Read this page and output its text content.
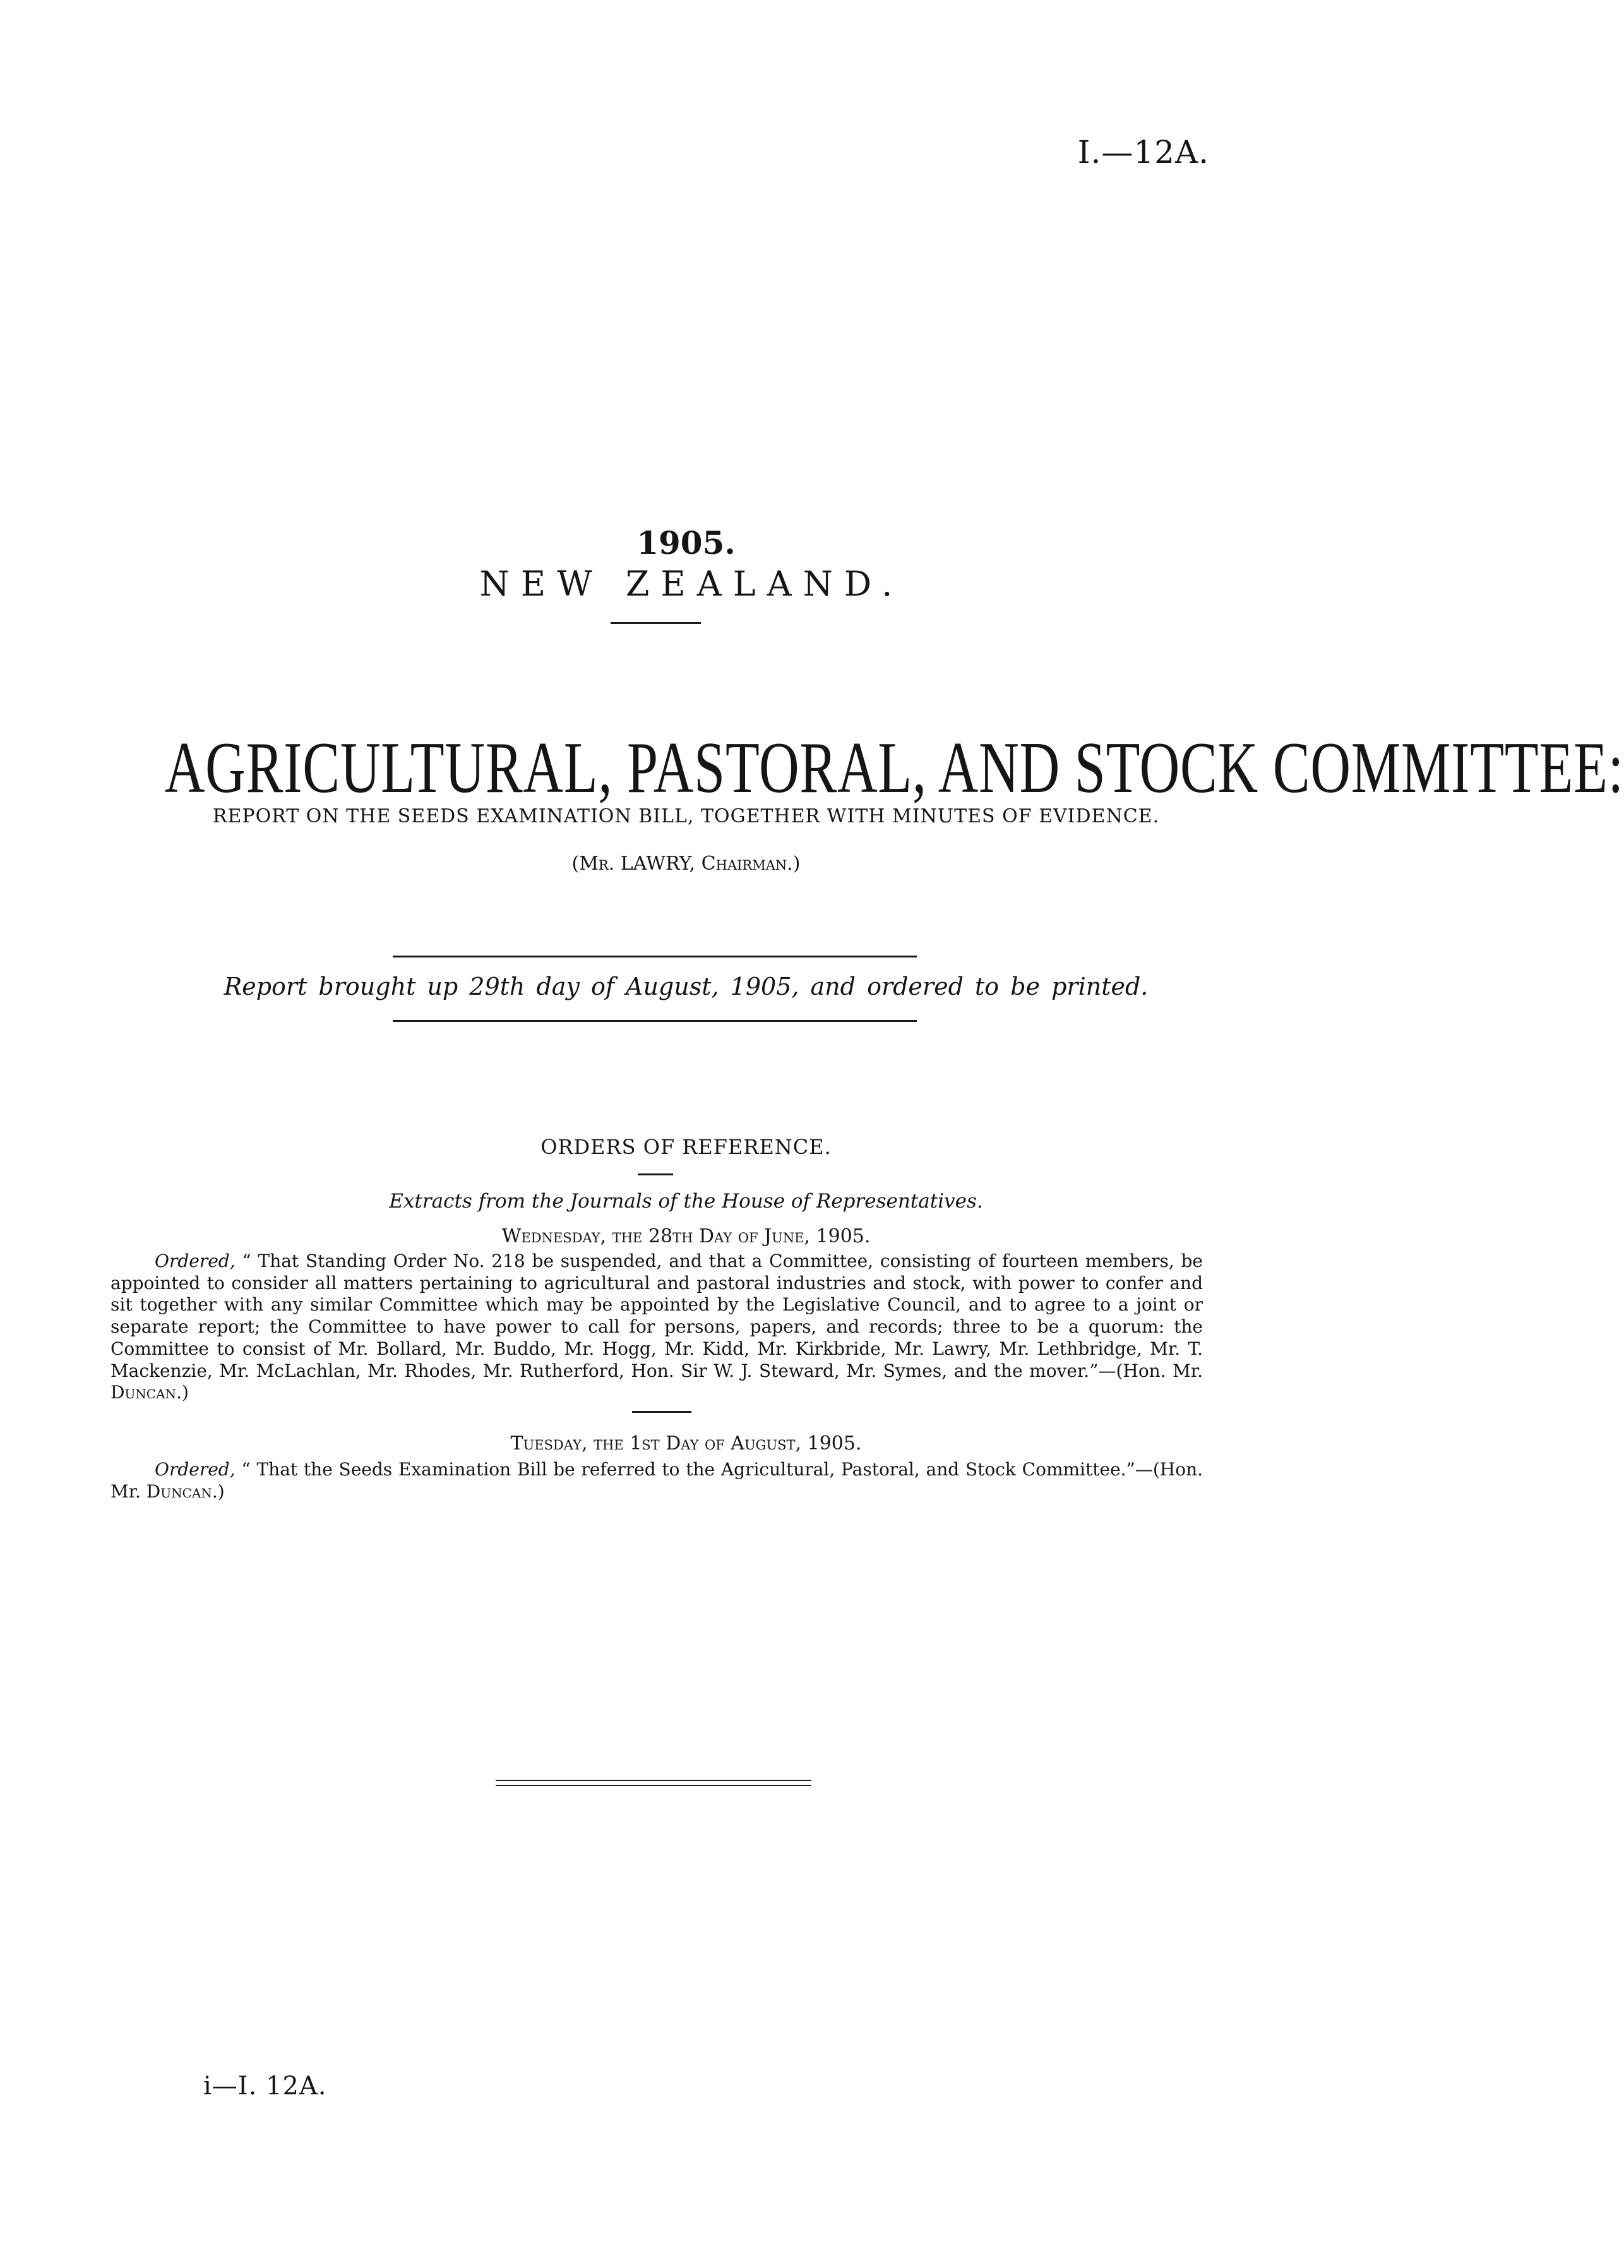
I.—12A.
1905.
NEW ZEALAND.
AGRICULTURAL, PASTORAL, AND STOCK COMMITTEE:
REPORT ON THE SEEDS EXAMINATION BILL, TOGETHER WITH MINUTES OF EVIDENCE.
(Mr. LAWRY, Chairman.)
Report brought up 29th day of August, 1905, and ordered to be printed.
ORDERS OF REFERENCE.
Extracts from the Journals of the House of Representatives.
Wednesday, the 28th Day of June, 1905.
Ordered, “ That Standing Order No. 218 be suspended, and that a Committee, consisting of fourteen members, be appointed to consider all matters pertaining to agricultural and pastoral industries and stock, with power to confer and sit together with any similar Committee which may be appointed by the Legislative Council, and to agree to a joint or separate report; the Committee to have power to call for persons, papers, and records; three to be a quorum: the Committee to consist of Mr. Bollard, Mr. Buddo, Mr. Hogg, Mr. Kidd, Mr. Kirkbride, Mr. Lawry, Mr. Lethbridge, Mr. T. Mackenzie, Mr. McLachlan, Mr. Rhodes, Mr. Rutherford, Hon. Sir W. J. Steward, Mr. Symes, and the mover.”—(Hon. Mr. Duncan.)
Tuesday, the 1st Day of August, 1905.
Ordered, “ That the Seeds Examination Bill be referred to the Agricultural, Pastoral, and Stock Committee.”—(Hon. Mr. Duncan.)
i—I. 12A.
